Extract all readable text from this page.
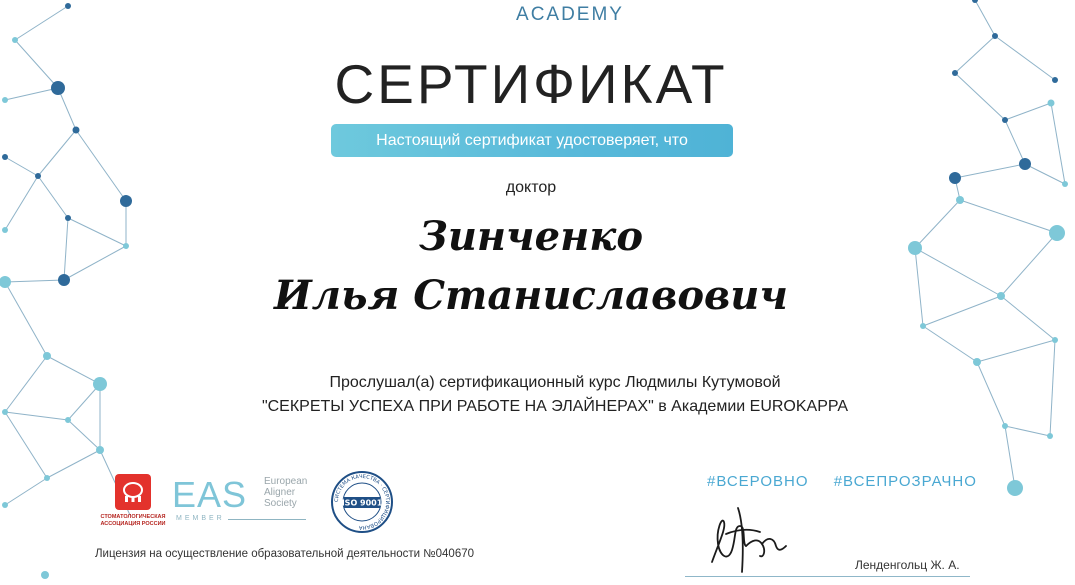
ACADEMY
СЕРТИФИКАТ
Настоящий сертификат удостоверяет, что
доктор
Зинченко
Илья Станиславович
Прослушал(а) сертификационный курс Людмилы Кутумовой
"СЕКРЕТЫ УСПЕХА ПРИ РАБОТЕ НА ЭЛАЙНЕРАХ" в Академии EUROKAPPA
СТОМАТОЛОГИЧЕСКАЯ
АССОЦИАЦИЯ РОССИИ
EAS
MEMBER
European
Aligner
Society	СИСТЕМА КАЧЕСТВА · СЕРТИФИЦИРОВАНА
ISO 9001
#ВСЕРОВНО #ВСЕПРОЗРАЧНО
Лицензия на осуществление образовательной деятельности №040670
Ленденгольц Ж. А.
